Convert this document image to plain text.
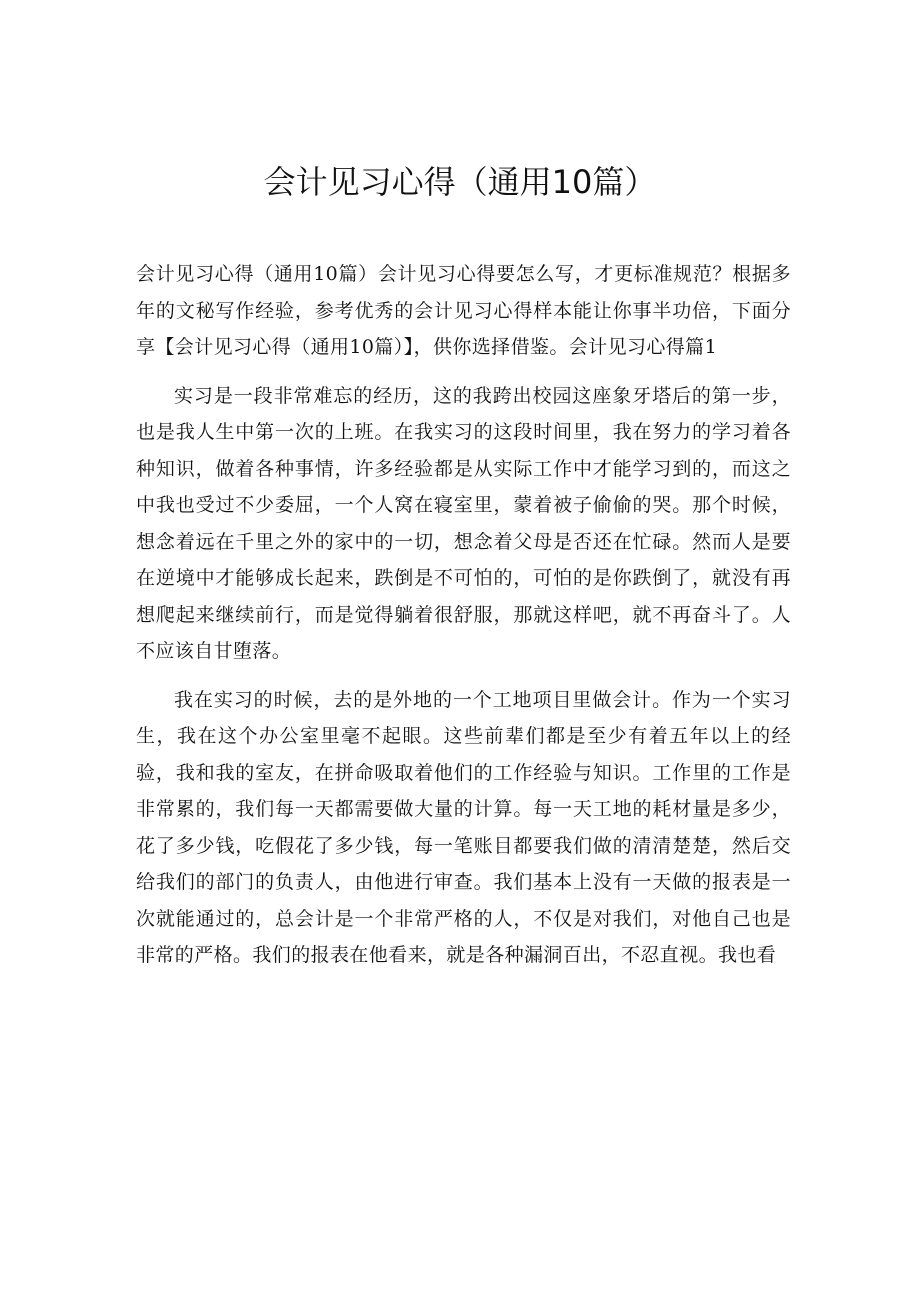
会计见习心得（通用10篇）

会计见习心得（通用10篇）会计见习心得要怎么写，才更标准规范？根据多年的文秘写作经验，参考优秀的会计见习心得样本能让你事半功倍，下面分享【会计见习心得（通用10篇）】，供你选择借鉴。会计见习心得篇1

实习是一段非常难忘的经历，这的我跨出校园这座象牙塔后的第一步，也是我人生中第一次的上班。在我实习的这段时间里，我在努力的学习着各种知识，做着各种事情，许多经验都是从实际工作中才能学习到的，而这之中我也受过不少委屈，一个人窝在寝室里，蒙着被子偷偷的哭。那个时候，想念着远在千里之外的家中的一切，想念着父母是否还在忙碌。然而人是要在逆境中才能够成长起来，跌倒是不可怕的，可怕的是你跌倒了，就没有再想爬起来继续前行，而是觉得躺着很舒服，那就这样吧，就不再奋斗了。人不应该自甘堕落。

我在实习的时候，去的是外地的一个工地项目里做会计。作为一个实习生，我在这个办公室里毫不起眼。这些前辈们都是至少有着五年以上的经验，我和我的室友，在拼命吸取着他们的工作经验与知识。工作里的工作是非常累的，我们每一天都需要做大量的计算。每一天工地的耗材量是多少，花了多少钱，吃假花了多少钱，每一笔账目都要我们做的清清楚楚，然后交给我们的部门的负责人，由他进行审查。我们基本上没有一天做的报表是一次就能通过的，总会计是一个非常严格的人，不仅是对我们，对他自己也是非常的严格。我们的报表在他看来，就是各种漏洞百出，不忍直视。我也看
